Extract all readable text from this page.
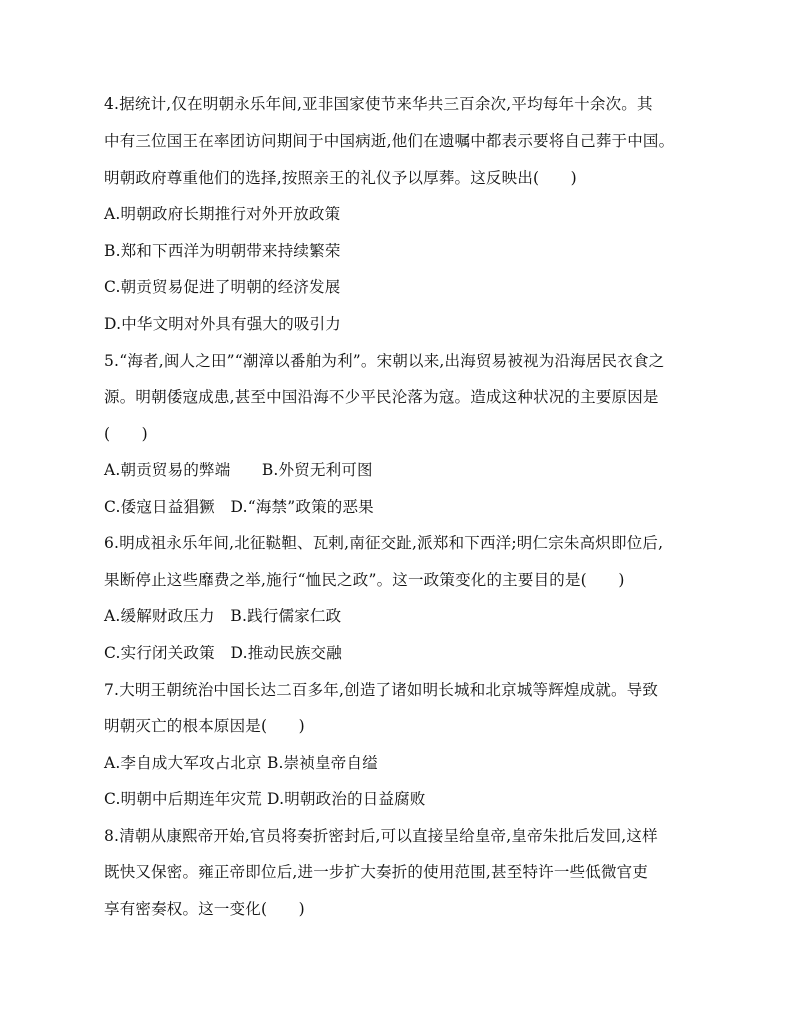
4.据统计,仅在明朝永乐年间,亚非国家使节来华共三百余次,平均每年十余次。其
中有三位国王在率团访问期间于中国病逝,他们在遗嘱中都表示要将自己葬于中国。
明朝政府尊重他们的选择,按照亲王的礼仪予以厚葬。这反映出(　　)
A.明朝政府长期推行对外开放政策
B.郑和下西洋为明朝带来持续繁荣
C.朝贡贸易促进了明朝的经济发展
D.中华文明对外具有强大的吸引力
5.“海者,闽人之田”“潮漳以番舶为利”。宋朝以来,出海贸易被视为沿海居民衣食之
源。明朝倭寇成患,甚至中国沿海不少平民沦落为寇。造成这种状况的主要原因是
(　　)
A.朝贡贸易的弊端　　B.外贸无利可图
C.倭寇日益猖獗　D.“海禁”政策的恶果
6.明成祖永乐年间,北征鞑靼、瓦剌,南征交趾,派郑和下西洋;明仁宗朱高炽即位后,
果断停止这些靡费之举,施行“恤民之政”。这一政策变化的主要目的是(　　)
A.缓解财政压力　B.践行儒家仁政
C.实行闭关政策　D.推动民族交融
7.大明王朝统治中国长达二百多年,创造了诸如明长城和北京城等辉煌成就。导致
明朝灭亡的根本原因是(　　)
A.李自成大军攻占北京 B.崇祯皇帝自缢
C.明朝中后期连年灾荒 D.明朝政治的日益腐败
8.清朝从康熙帝开始,官员将奏折密封后,可以直接呈给皇帝,皇帝朱批后发回,这样
既快又保密。雍正帝即位后,进一步扩大奏折的使用范围,甚至特许一些低微官吏
享有密奏权。这一变化(　　)
